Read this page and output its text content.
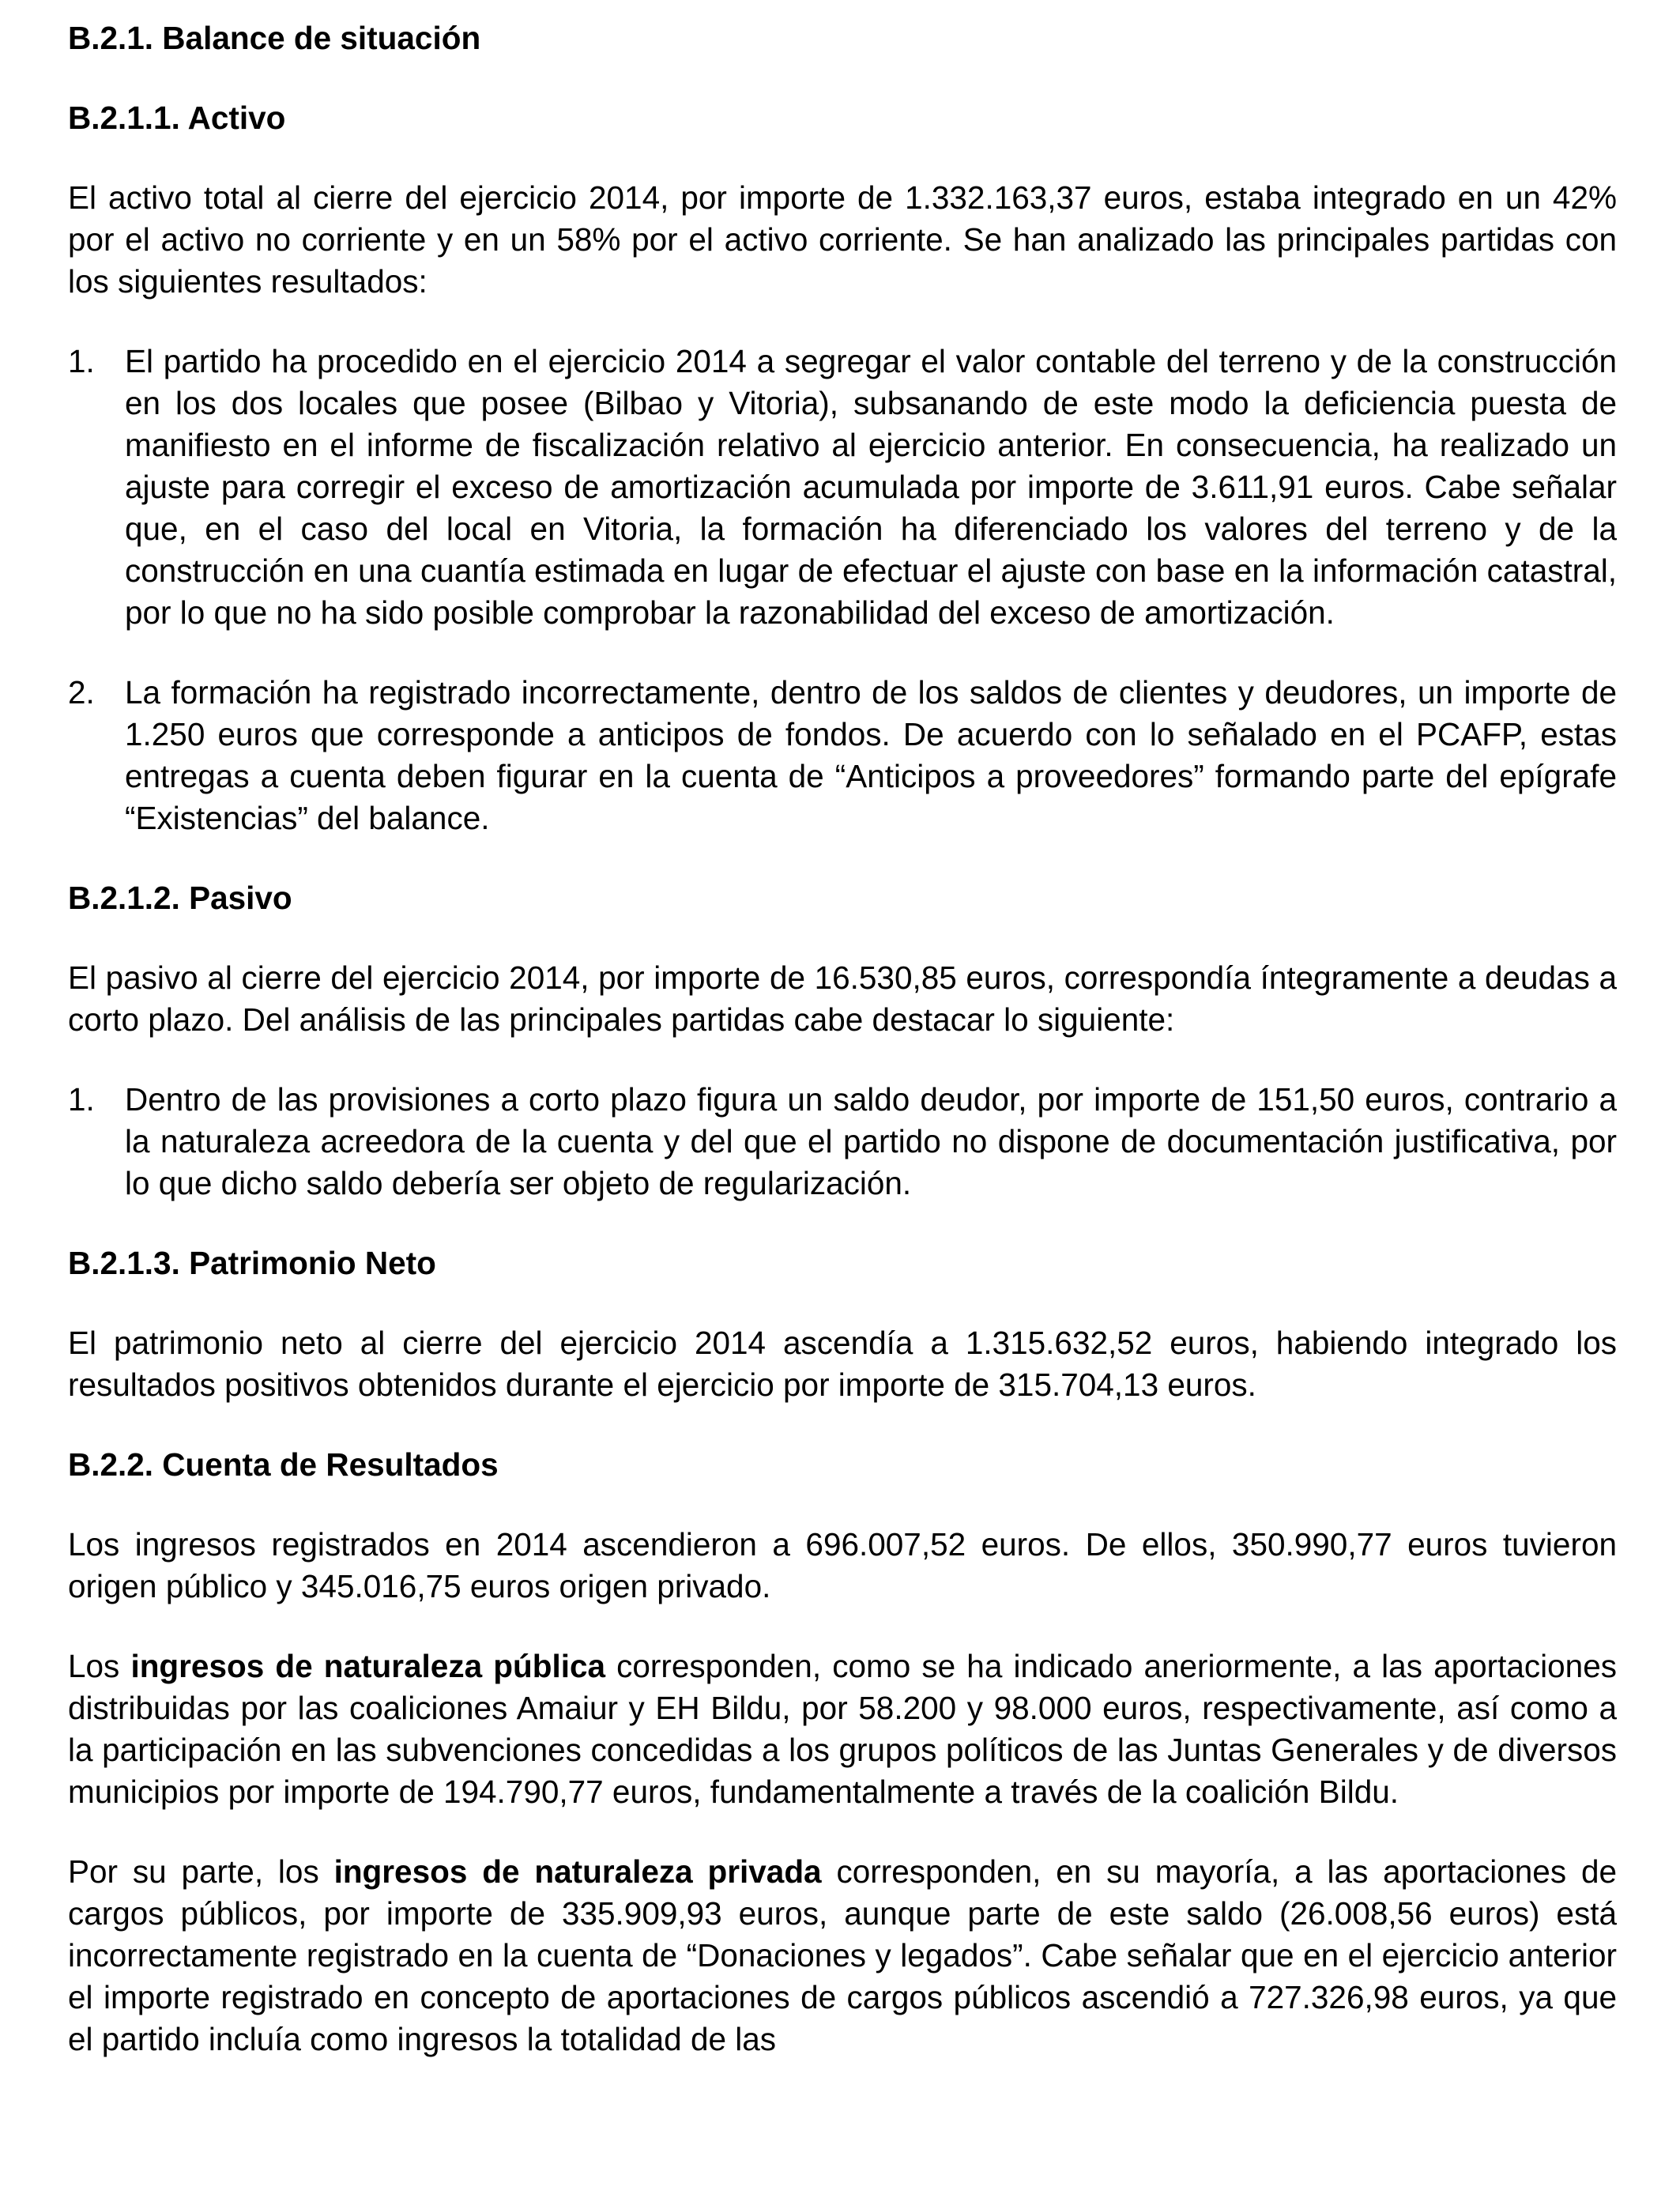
B.2.1. Balance de situación
B.2.1.1. Activo

El activo total al cierre del ejercicio 2014, por importe de 1.332.163,37 euros, estaba integrado en un 42% por el activo no corriente y en un 58% por el activo corriente. Se han analizado las principales partidas con los siguientes resultados:

1. El partido ha procedido en el ejercicio 2014 a segregar el valor contable del terreno y de la construcción en los dos locales que posee (Bilbao y Vitoria), subsanando de este modo la deficiencia puesta de manifiesto en el informe de fiscalización relativo al ejercicio anterior. En consecuencia, ha realizado un ajuste para corregir el exceso de amortización acumulada por importe de 3.611,91 euros. Cabe señalar que, en el caso del local en Vitoria, la formación ha diferenciado los valores del terreno y de la construcción en una cuantía estimada en lugar de efectuar el ajuste con base en la información catastral, por lo que no ha sido posible comprobar la razonabilidad del exceso de amortización.
2. La formación ha registrado incorrectamente, dentro de los saldos de clientes y deudores, un importe de 1.250 euros que corresponde a anticipos de fondos. De acuerdo con lo señalado en el PCAFP, estas entregas a cuenta deben figurar en la cuenta de “Anticipos a proveedores” formando parte del epígrafe “Existencias” del balance.
B.2.1.2. Pasivo

El pasivo al cierre del ejercicio 2014, por importe de 16.530,85 euros, correspondía íntegramente a deudas a corto plazo. Del análisis de las principales partidas cabe destacar lo siguiente:

1. Dentro de las provisiones a corto plazo figura un saldo deudor, por importe de 151,50 euros, contrario a la naturaleza acreedora de la cuenta y del que el partido no dispone de documentación justificativa, por lo que dicho saldo debería ser objeto de regularización.
B.2.1.3. Patrimonio Neto

El patrimonio neto al cierre del ejercicio 2014 ascendía a 1.315.632,52 euros, habiendo integrado los resultados positivos obtenidos durante el ejercicio por importe de 315.704,13 euros.

B.2.2. Cuenta de Resultados

Los ingresos registrados en 2014 ascendieron a 696.007,52 euros. De ellos, 350.990,77 euros tuvieron origen público y 345.016,75 euros origen privado.

Los ingresos de naturaleza pública corresponden, como se ha indicado aneriormente, a las aportaciones distribuidas por las coaliciones Amaiur y EH Bildu, por 58.200 y 98.000 euros, respectivamente, así como a la participación en las subvenciones concedidas a los grupos políticos de las Juntas Generales y de diversos municipios por importe de 194.790,77 euros, fundamentalmente a través de la coalición Bildu.

Por su parte, los ingresos de naturaleza privada corresponden, en su mayoría, a las aportaciones de cargos públicos, por importe de 335.909,93 euros, aunque parte de este saldo (26.008,56 euros) está incorrectamente registrado en la cuenta de “Donaciones y legados”. Cabe señalar que en el ejercicio anterior el importe registrado en concepto de aportaciones de cargos públicos ascendió a 727.326,98 euros, ya que el partido incluía como ingresos la totalidad de las
